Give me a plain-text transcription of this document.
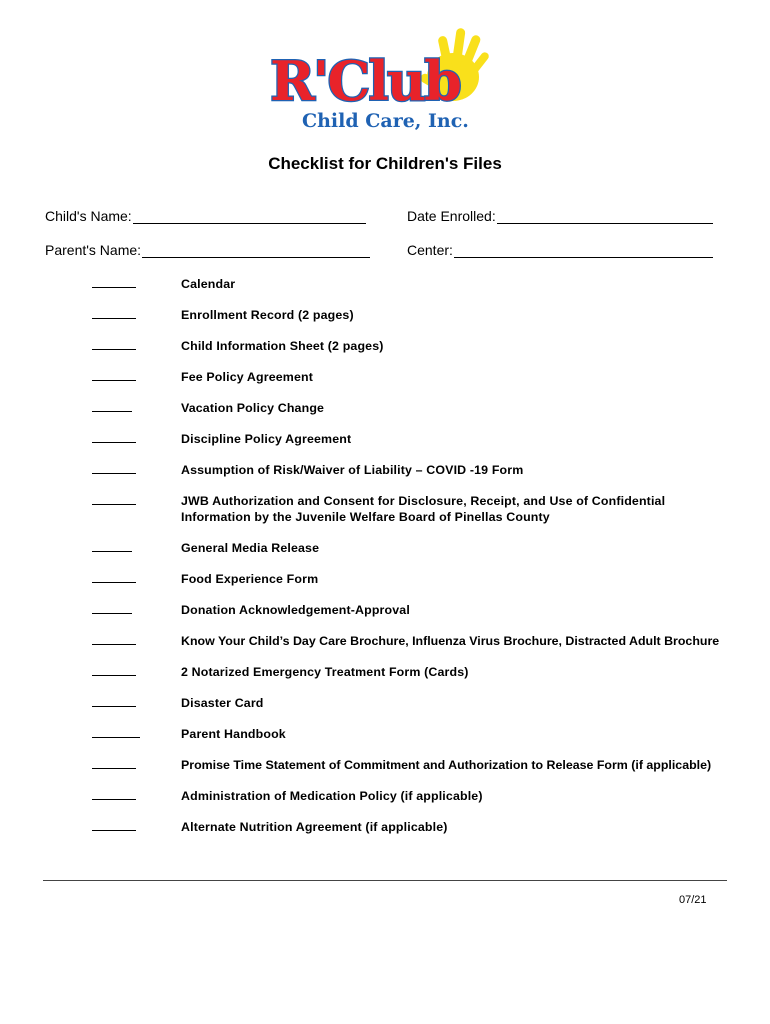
R'Club
Child Care, Inc.
Checklist for Children's Files
Child's Name:	Date Enrolled:
Parent's Name:	Center:
Calendar
Enrollment Record (2 pages)
Child Information Sheet (2 pages)
Fee Policy Agreement
Vacation Policy Change
Discipline Policy Agreement
Assumption of Risk/Waiver of Liability – COVID -19 Form
JWB Authorization and Consent for Disclosure, Receipt, and Use of Confidential Information by the Juvenile Welfare Board of Pinellas County
General Media Release
Food Experience Form
Donation Acknowledgement-Approval
Know Your Child’s Day Care Brochure, Influenza Virus Brochure, Distracted Adult Brochure
2 Notarized Emergency Treatment Form (Cards)
Disaster Card
Parent Handbook
Promise Time Statement of Commitment and Authorization to Release Form (if applicable)
Administration of Medication Policy (if applicable)
Alternate Nutrition Agreement (if applicable)
07/21
